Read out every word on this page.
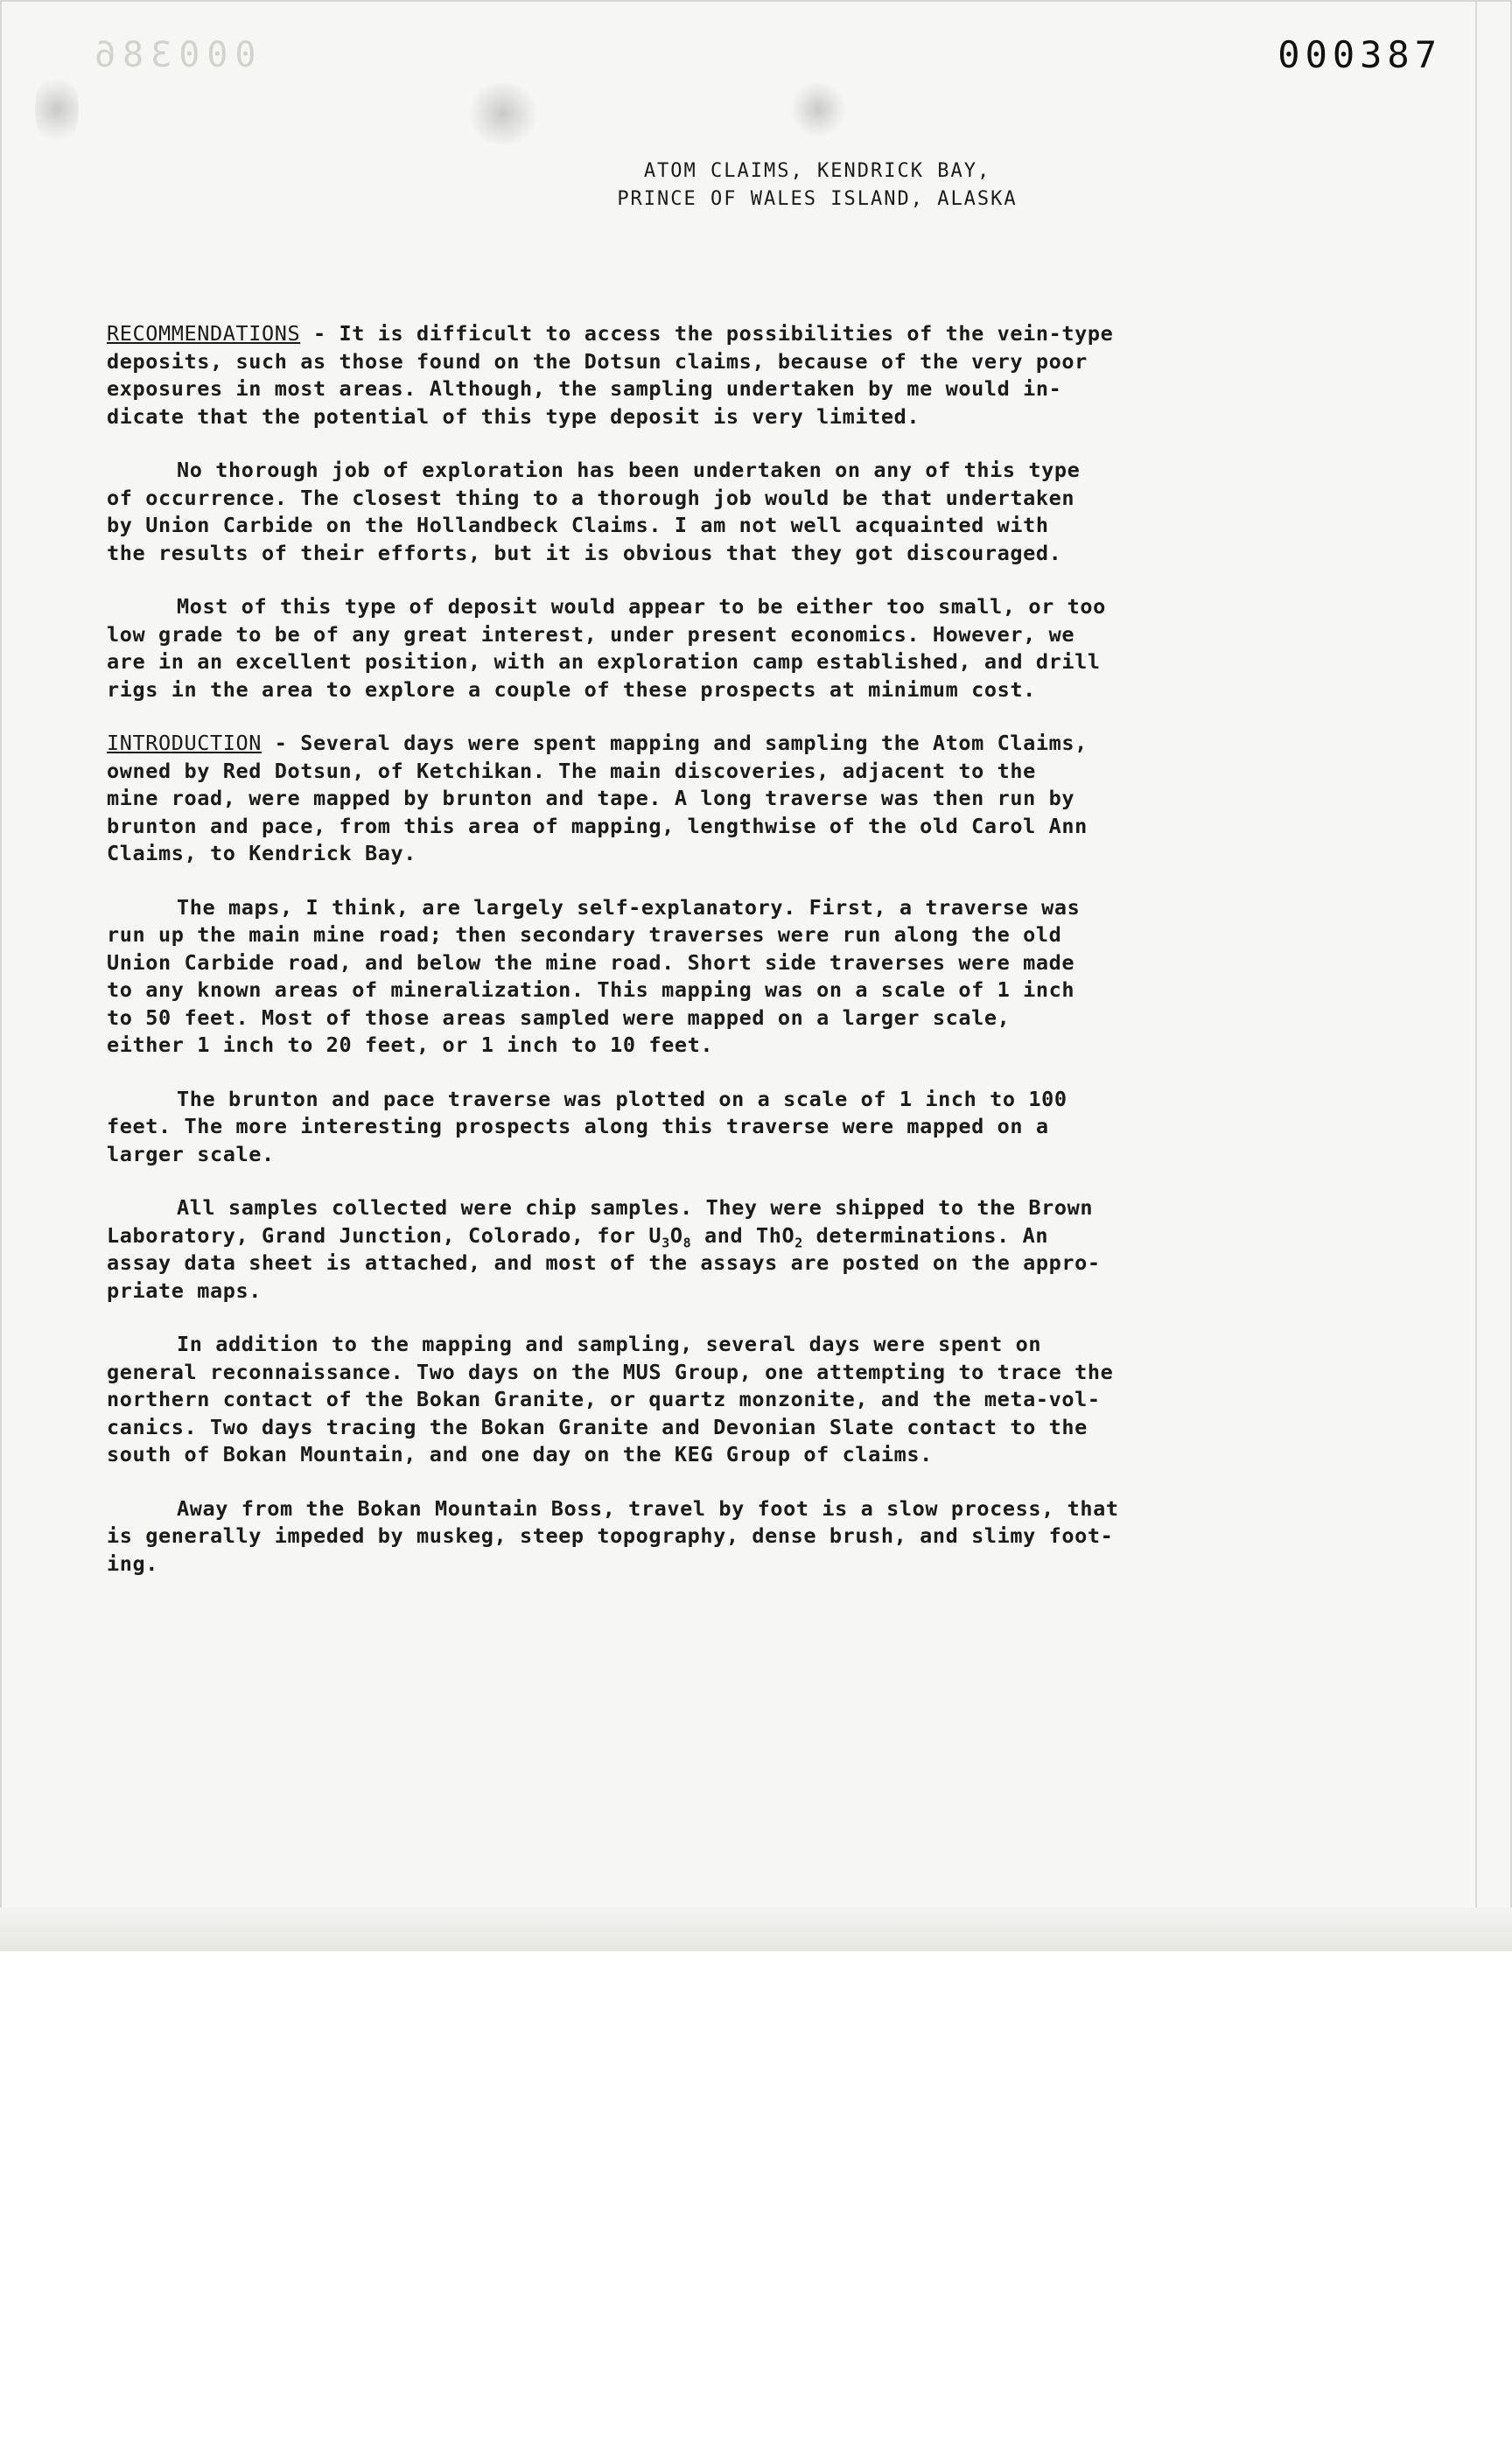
000386	000387
ATOM CLAIMS, KENDRICK BAY,
PRINCE OF WALES ISLAND, ALASKA
RECOMMENDATIONS - It is difficult to access the possibilities of the vein-type
deposits, such as those found on the Dotsun claims, because of the very poor
exposures in most areas. Although, the sampling undertaken by me would in-
dicate that the potential of this type deposit is very limited.
No thorough job of exploration has been undertaken on any of this type
of occurrence. The closest thing to a thorough job would be that undertaken
by Union Carbide on the Hollandbeck Claims. I am not well acquainted with
the results of their efforts, but it is obvious that they got discouraged.
Most of this type of deposit would appear to be either too small, or too
low grade to be of any great interest, under present economics. However, we
are in an excellent position, with an exploration camp established, and drill
rigs in the area to explore a couple of these prospects at minimum cost.
INTRODUCTION - Several days were spent mapping and sampling the Atom Claims,
owned by Red Dotsun, of Ketchikan. The main discoveries, adjacent to the
mine road, were mapped by brunton and tape. A long traverse was then run by
brunton and pace, from this area of mapping, lengthwise of the old Carol Ann
Claims, to Kendrick Bay.
The maps, I think, are largely self-explanatory. First, a traverse was
run up the main mine road; then secondary traverses were run along the old
Union Carbide road, and below the mine road. Short side traverses were made
to any known areas of mineralization. This mapping was on a scale of 1 inch
to 50 feet. Most of those areas sampled were mapped on a larger scale,
either 1 inch to 20 feet, or 1 inch to 10 feet.
The brunton and pace traverse was plotted on a scale of 1 inch to 100
feet. The more interesting prospects along this traverse were mapped on a
larger scale.
All samples collected were chip samples. They were shipped to the Brown
Laboratory, Grand Junction, Colorado, for $U_3O_8$ and ThO$_2$ determinations. An
assay data sheet is attached, and most of the assays are posted on the appro-
priate maps.
In addition to the mapping and sampling, several days were spent on
general reconnaissance. Two days on the MUS Group, one attempting to trace the
northern contact of the Bokan Granite, or quartz monzonite, and the meta-vol-
canics. Two days tracing the Bokan Granite and Devonian Slate contact to the
south of Bokan Mountain, and one day on the KEG Group of claims.
Away from the Bokan Mountain Boss, travel by foot is a slow process, that
is generally impeded by muskeg, steep topography, dense brush, and slimy foot-
ing.
